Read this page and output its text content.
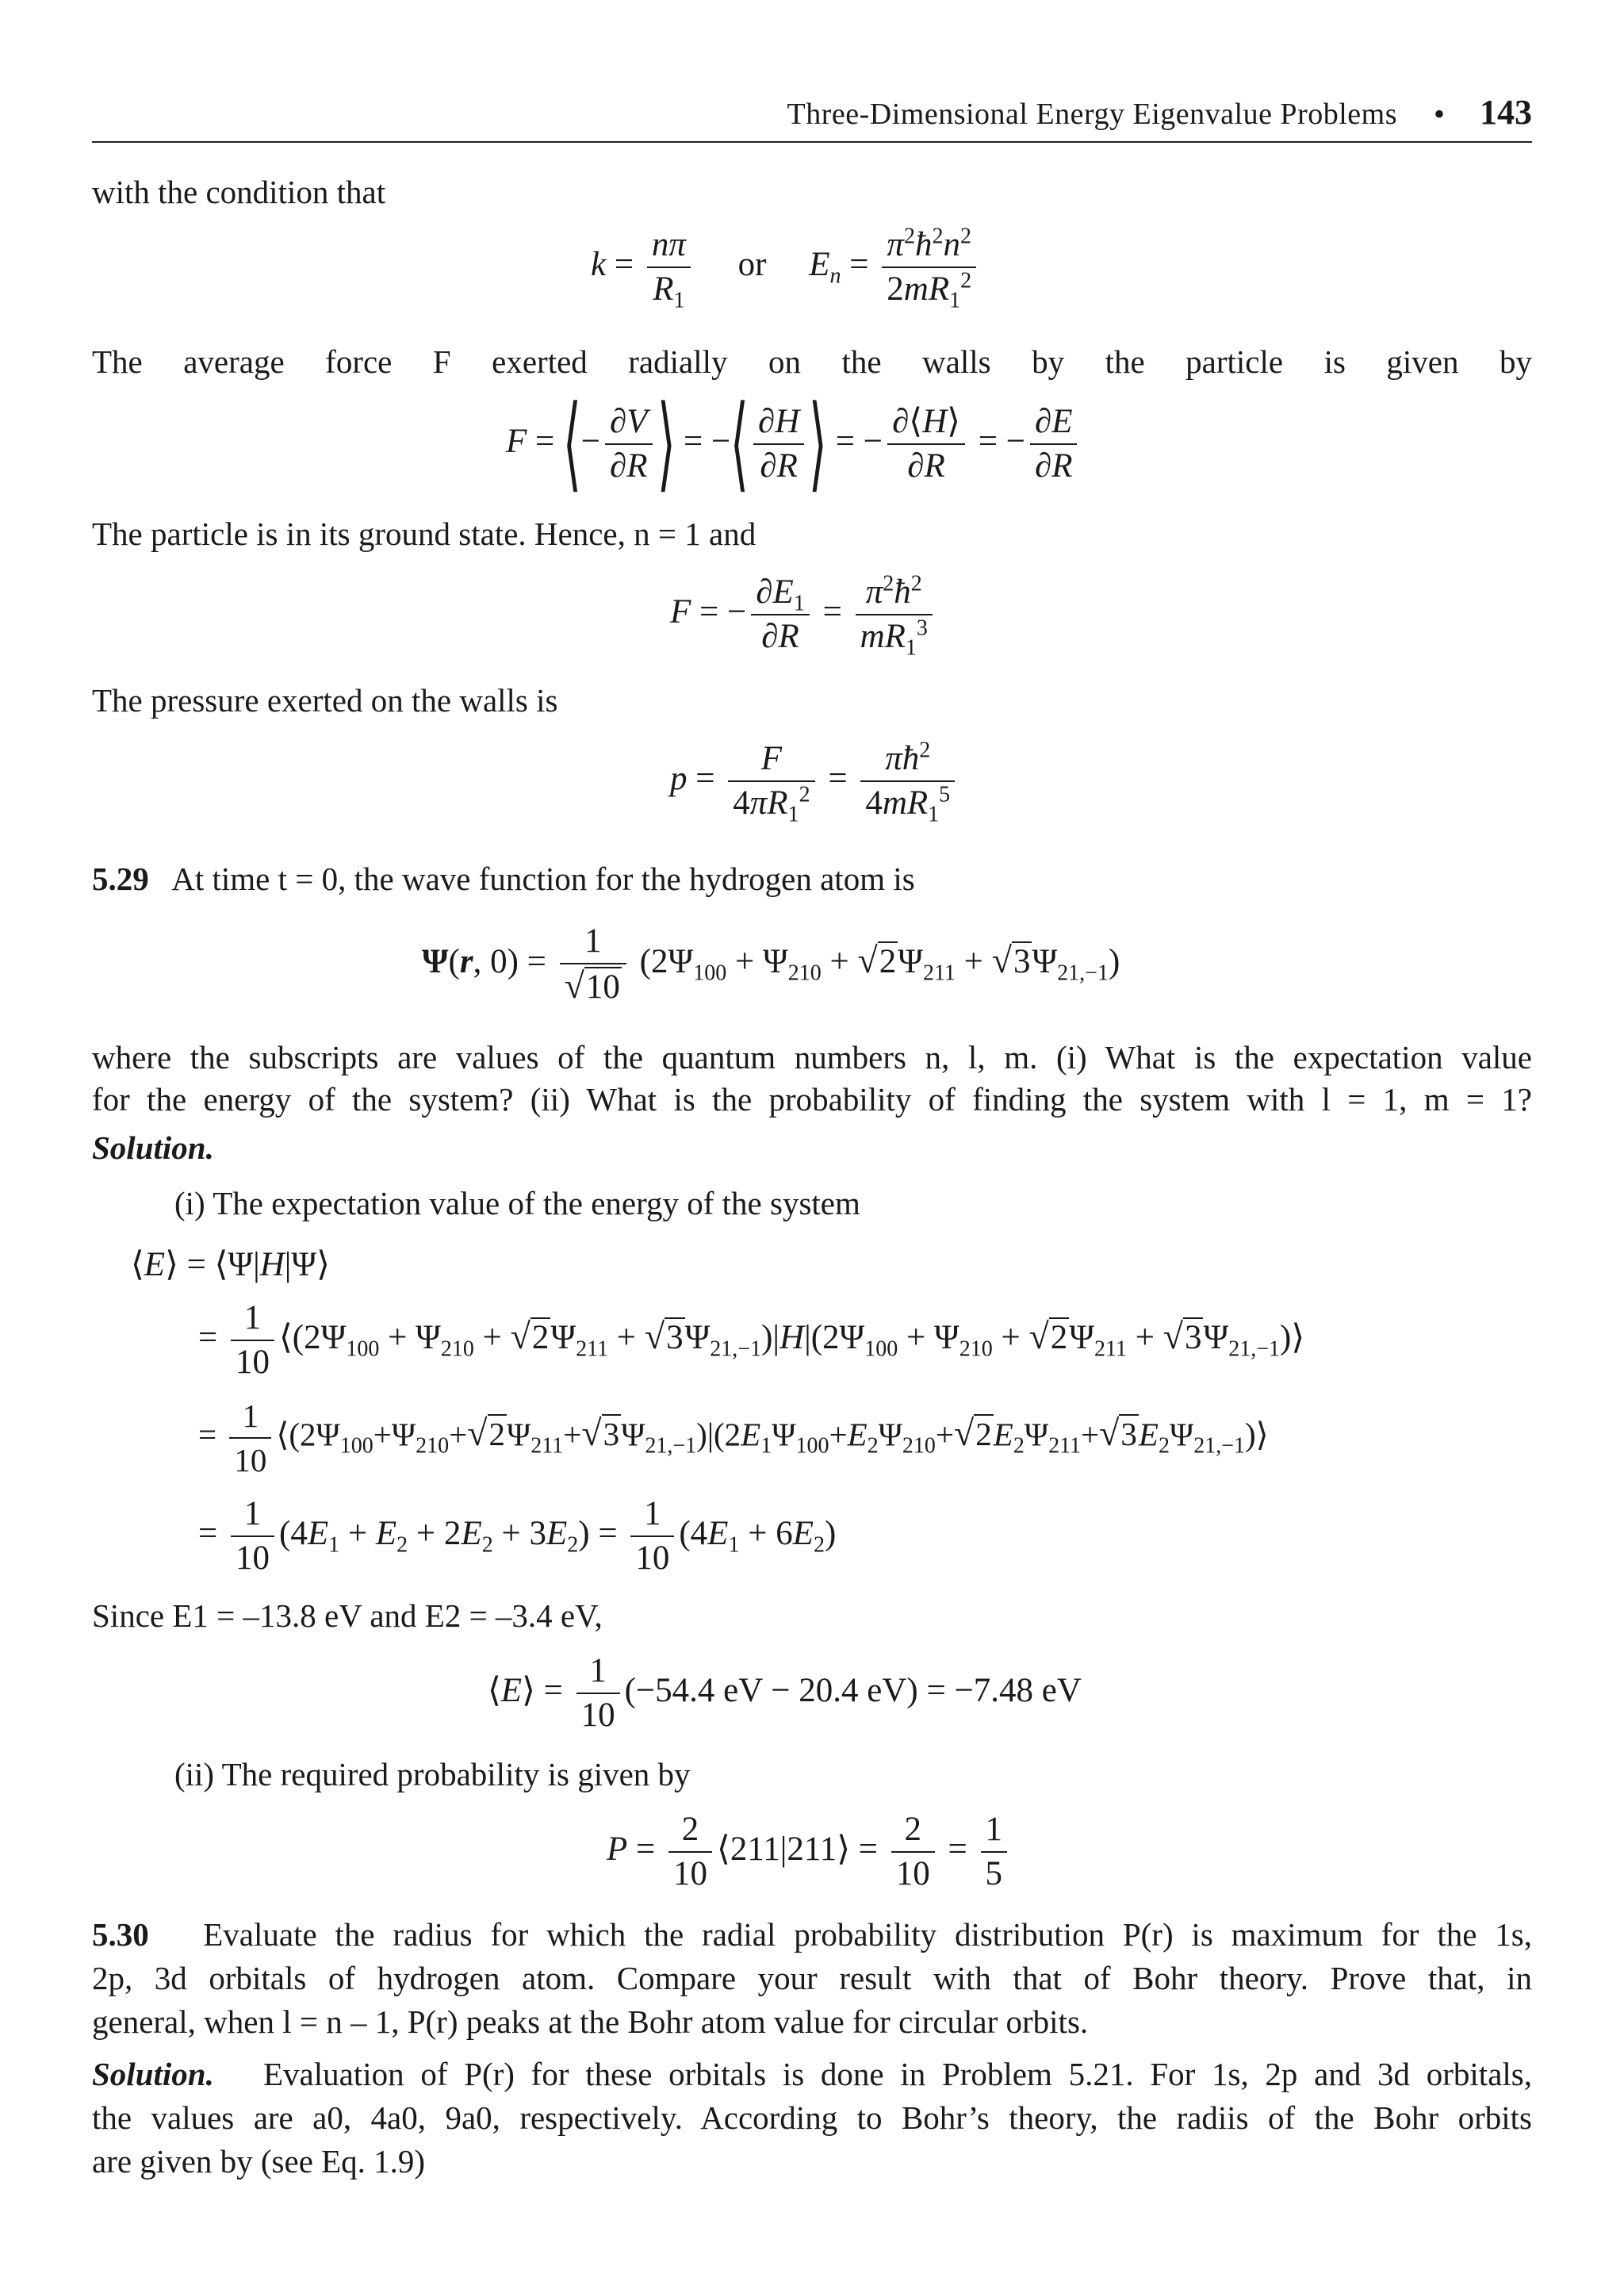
Three-Dimensional Energy Eigenvalue Problems • 143
with the condition that
$k = \frac{n\pi}{R_1}$ or     $E_n = \frac{\pi^2ħ^2n^2}{2mR_1^2}$
The average force F exerted radially on the walls by the particle is given by
F = ⟨− $\frac{\partial V}{\partial R}$ ⟩ = −⟨ $\frac{\partial H}{\partial R}$ ⟩ = − $\frac{\partial⟨H⟩}{\partial R}$ = − $\frac{\partial E}{\partial R}$
The particle is in its ground state. Hence, n = 1 and
F = − $\frac{\partial E_1}{\partial R} = \frac{\pi^2ħ^2}{mR_1^3}$
The pressure exerted on the walls is
$p = \frac{F}{4\pi R_1^2} = \frac{\pi ħ^2}{4mR_1^5}$
5.29 At time t = 0, the wave function for the hydrogen atom is
Ψ(r, $0) = \frac{1}{√10} (2\Psi_{100} + \Psi_{210} + √2\Psi_{211} + √3\Psi_{21,-1})$
where the subscripts are values of the quantum numbers n, l, m. (i) What is the expectation value
for the energy of the system? (ii) What is the probability of finding the system with l = 1, m = 1?
Solution.
(i) The expectation value of the energy of the system
⟨E⟩ = ⟨Ψ|H|Ψ⟩
= $\frac{1}{10}$ $⟨(2\Psi_{100} + \Psi_{210} + √2\Psi_{211} + √3\Psi_{21,-1})|H|(2\Psi_{100} + \Psi_{210} + √2\Psi_{211}$ + $√3\Psi_{21,-1})⟩$
= $\frac{1}{10}$ $⟨(2\Psi_{100}+\Psi_{210}+√2\Psi_{211}+√3\Psi_{21,-1})|(2E_1\Psi_{100}+E_2\Psi_{210}+√2E_2\Psi_{211}+√3E_2\Psi_{21,-1})⟩$
= $\frac{1}{10} (4E_1 + E_2 + 2E_2 + 3E_2) = \frac{1}{10} (4E_1 + 6E_2)$
Since E1 = –13.8 eV and E2 = –3.4 eV,
⟨E⟩ = $\frac{1}{10} (-54.4$ eV − 20.4 eV) = −7.48 eV
(ii) The required probability is given by
$P = \frac{2}{10}$ ⟨211|211⟩ = $\frac{2}{10} = \frac{1}{5}$
5.30 Evaluate the radius for which the radial probability distribution P(r) is maximum for the 1s,
2p, 3d orbitals of hydrogen atom. Compare your result with that of Bohr theory. Prove that, in
general, when l = n – 1, P(r) peaks at the Bohr atom value for circular orbits.
Solution. Evaluation of P(r) for these orbitals is done in Problem 5.21. For 1s, 2p and 3d orbitals,
the values are a0, 4a0, 9a0, respectively. According to Bohr’s theory, the radiis of the Bohr orbits
are given by (see Eq. 1.9)
